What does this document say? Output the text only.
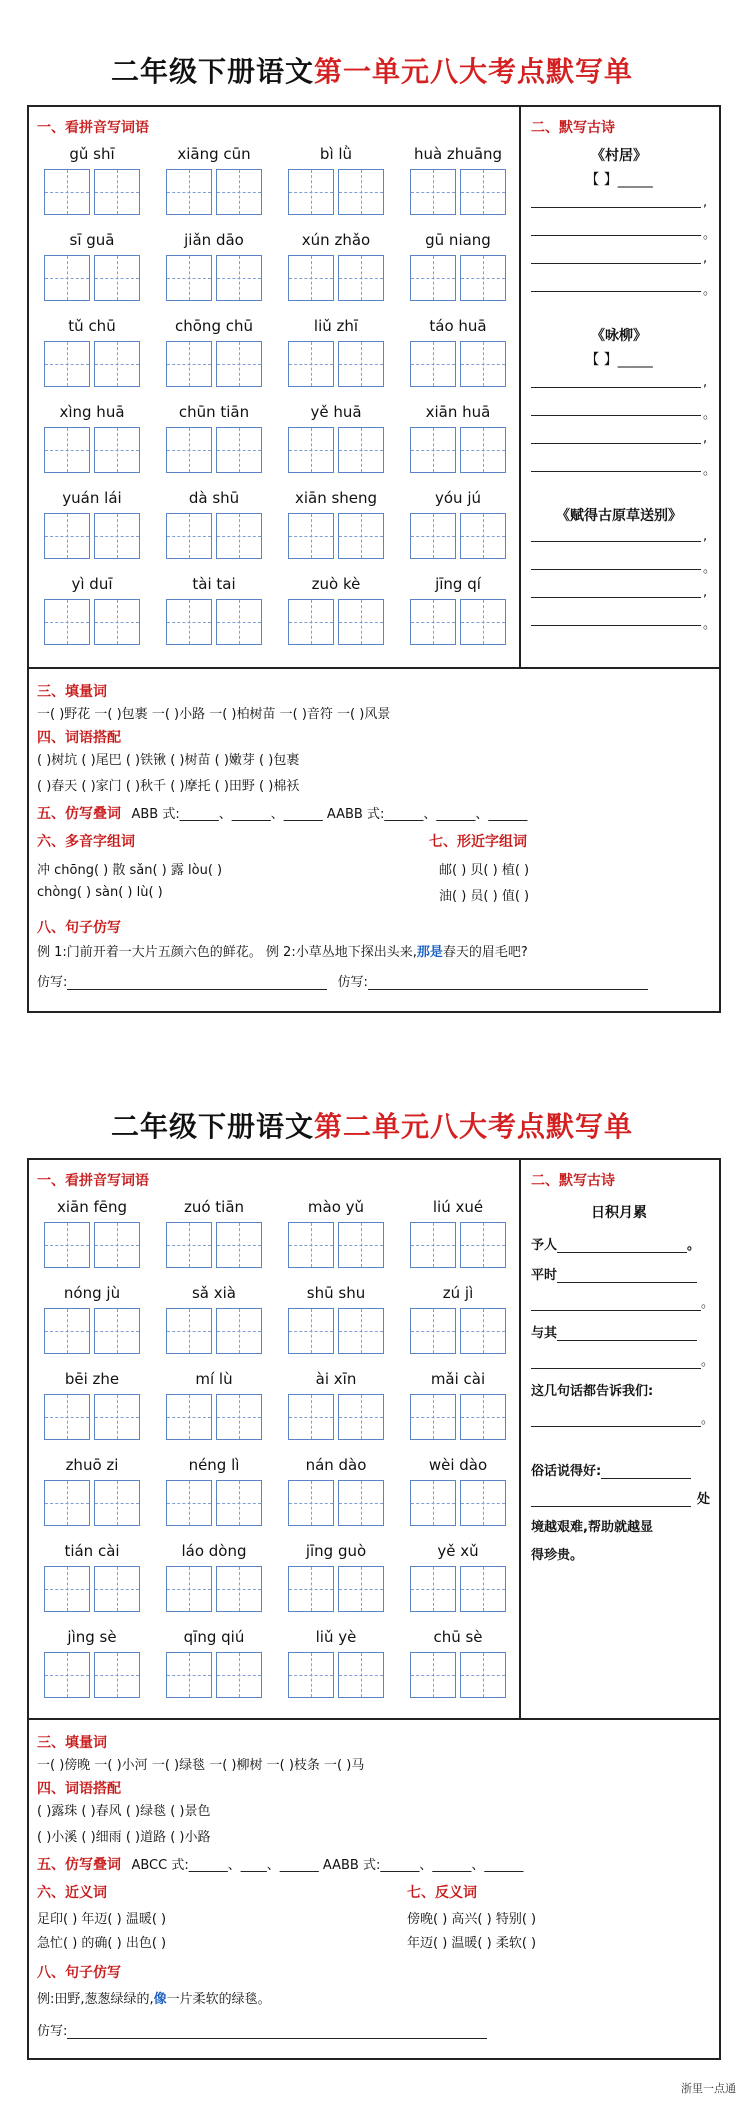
二年级下册语文第一单元八大考点默写单
一、看拼音写词语
gǔ shī	xiāng cūn	bì lǜ	huà zhuāng
sī guā	jiǎn dāo	xún zhǎo	gū niang
tǔ chū	chōng chū	liǔ zhī	táo huā
xìng huā	chūn tiān	yě huā	xiān huā
yuán lái	dà shū	xiān sheng	yóu jú
yì duī	tài tai	zuò kè	jīng qí
二、默写古诗
《村居》
【 】_____
,
。
,
。
《咏柳》
【 】_____
,
。
,
。
《赋得古原草送别》
,
。
,
。
三、填量词
一( )野花 一( )包裹 一( )小路 一( )柏树苗 一( )音符 一( )风景
四、词语搭配
( )树坑 ( )尾巴 ( )铁锹 ( )树苗 ( )嫩芽 ( )包裹
( )春天 ( )家门 ( )秋千 ( )摩托 ( )田野 ( )棉袄
五、仿写叠词 ABB 式:______、______、______ AABB 式:______、______、______
六、多音字组词	七、形近字组词
冲 chōng( ) 散 sǎn( ) 露 lòu( )
chòng( ) sàn( ) lù( )
邮( ) 贝( ) 植( )
油( ) 员( ) 值( )
八、句子仿写
例 1:门前开着一大片五颜六色的鲜花。 例 2:小草丛地下探出头来,那是春天的眉毛吧?
仿写:	仿写:
二年级下册语文第二单元八大考点默写单
一、看拼音写词语
xiān fēng	zuó tiān	mào yǔ	liú xué
nóng jù	sǎ xià	shū shu	zú jì
bēi zhe	mí lù	ài xīn	mǎi cài
zhuō zi	néng lì	nán dào	wèi dào
tián cài	láo dòng	jīng guò	yě xǔ
jìng sè	qīng qiú	liǔ yè	chū sè
二、默写古诗
日积月累
予人	。
平时
。
与其
。
这几句话都告诉我们:
。
俗话说得好:
处
境越艰难,帮助就越显
得珍贵。
三、填量词
一( )傍晚 一( )小河 一( )绿毯 一( )柳树 一( )枝条 一( )马
四、词语搭配
( )露珠 ( )春风 ( )绿毯 ( )景色
( )小溪 ( )细雨 ( )道路 ( )小路
五、仿写叠词 ABCC 式:______、____、______ AABB 式:______、______、______
六、近义词	七、反义词
足印( ) 年迈( ) 温暖( )
急忙( ) 的确( ) 出色( )
傍晚( ) 高兴( ) 特别( )
年迈( ) 温暖( ) 柔软( )
八、句子仿写
例:田野,葱葱绿绿的,像一片柔软的绿毯。
仿写:
浙里一点通
